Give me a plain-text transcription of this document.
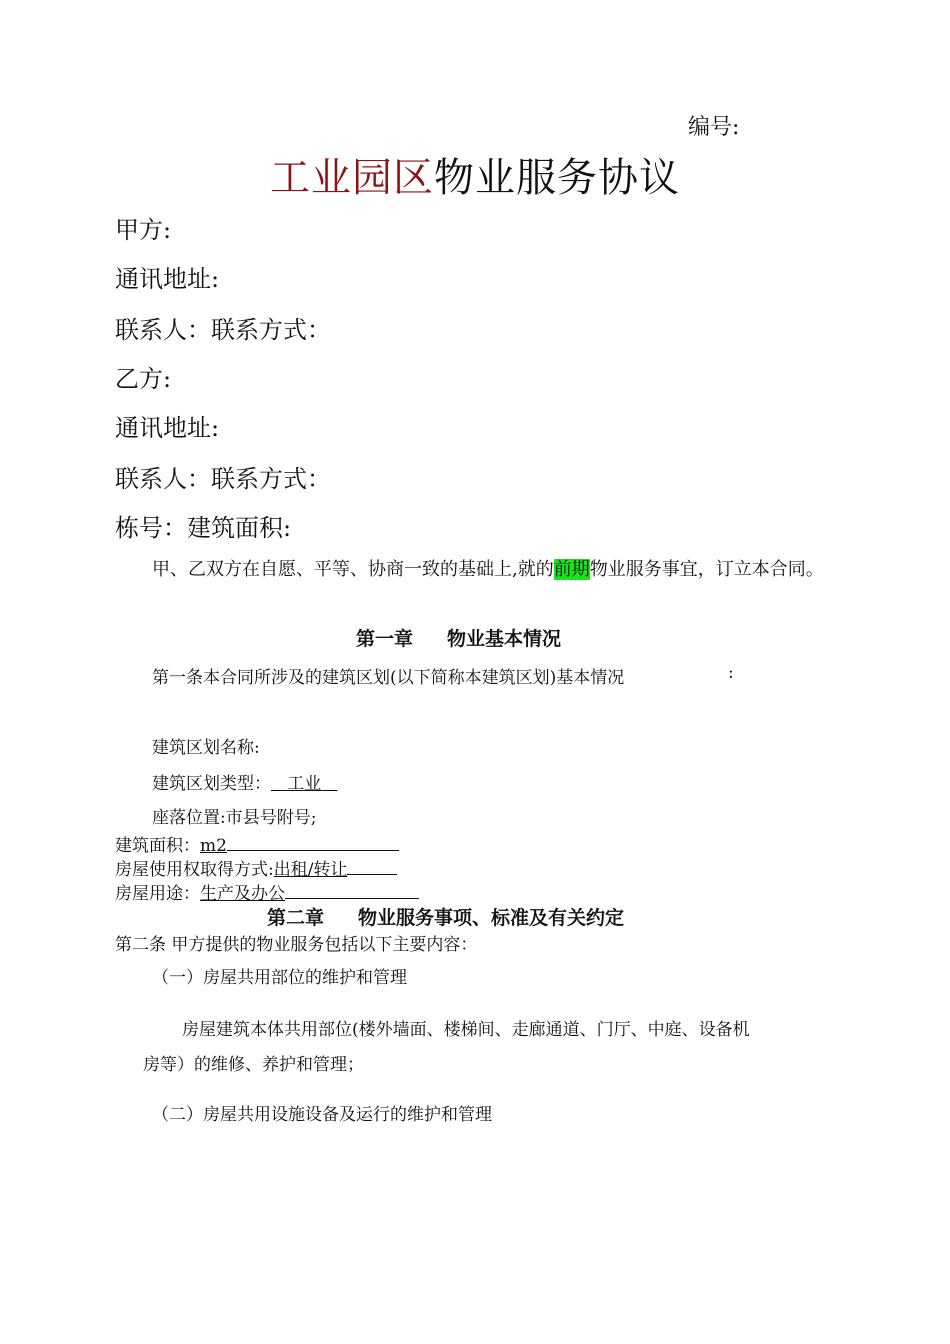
编号:
工业园区物业服务协议
甲方:
通讯地址:
联系人：联系方式：
乙方:
通讯地址:
联系人：联系方式：
栋号：建筑面积:
甲、乙双方在自愿、平等、协商一致的基础上,就的前期物业服务事宜，订立本合同。
第一章 物业基本情况
第一条本合同所涉及的建筑区划(以下简称本建筑区划)基本情况	:
建筑区划名称:
建筑区划类型： 工业
座落位置:市县号附号;
建筑面积：m2
房屋使用权取得方式:出租/转让
房屋用途：生产及办公
第二章 物业服务事项、标准及有关约定
第二条 甲方提供的物业服务包括以下主要内容：
（一）房屋共用部位的维护和管理
房屋建筑本体共用部位(楼外墙面、楼梯间、走廊通道、门厅、中庭、设备机
房等）的维修、养护和管理；
（二）房屋共用设施设备及运行的维护和管理
